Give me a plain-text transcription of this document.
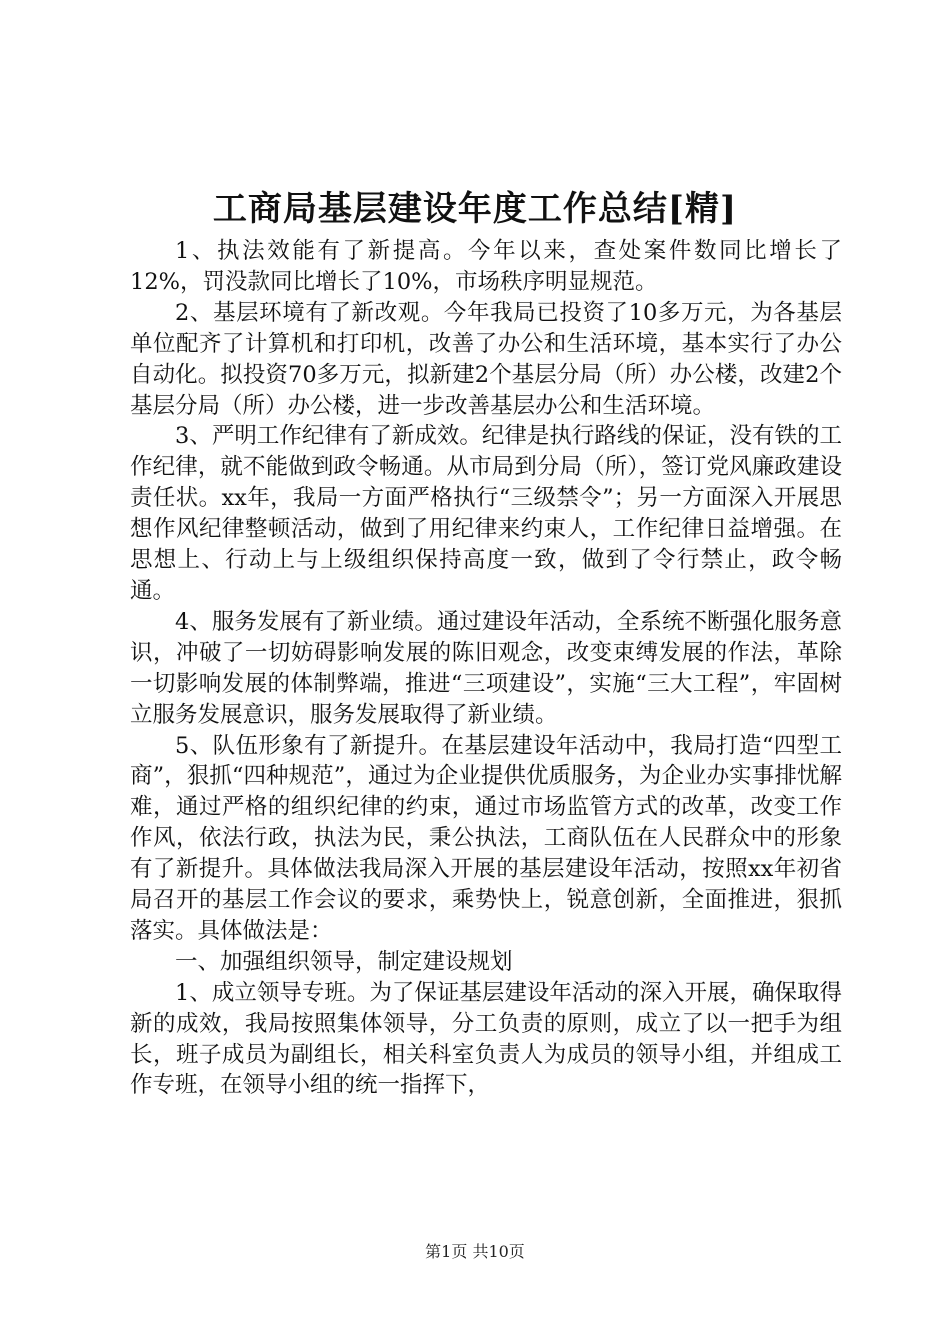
工商局基层建设年度工作总结[精]

1、执法效能有了新提高。今年以来，查处案件数同比增长了12%，罚没款同比增长了10%，市场秩序明显规范。

2、基层环境有了新改观。今年我局已投资了10多万元，为各基层单位配齐了计算机和打印机，改善了办公和生活环境，基本实行了办公自动化。拟投资70多万元，拟新建2个基层分局（所）办公楼，改建2个基层分局（所）办公楼，进一步改善基层办公和生活环境。

3、严明工作纪律有了新成效。纪律是执行路线的保证，没有铁的工作纪律，就不能做到政令畅通。从市局到分局（所），签订党风廉政建设责任状。xx年，我局一方面严格执行“三级禁令”；另一方面深入开展思想作风纪律整顿活动，做到了用纪律来约束人，工作纪律日益增强。在思想上、行动上与上级组织保持高度一致，做到了令行禁止，政令畅通。

4、服务发展有了新业绩。通过建设年活动，全系统不断强化服务意识，冲破了一切妨碍影响发展的陈旧观念，改变束缚发展的作法，革除一切影响发展的体制弊端，推进“三项建设”，实施“三大工程”，牢固树立服务发展意识，服务发展取得了新业绩。

5、队伍形象有了新提升。在基层建设年活动中，我局打造“四型工商”，狠抓“四种规范”，通过为企业提供优质服务，为企业办实事排忧解难，通过严格的组织纪律的约束，通过市场监管方式的改革，改变工作作风，依法行政，执法为民，秉公执法，工商队伍在人民群众中的形象有了新提升。具体做法我局深入开展的基层建设年活动，按照xx年初省局召开的基层工作会议的要求，乘势快上，锐意创新，全面推进，狠抓落实。具体做法是：

一、加强组织领导，制定建设规划

1、成立领导专班。为了保证基层建设年活动的深入开展，确保取得新的成效，我局按照集体领导，分工负责的原则，成立了以一把手为组长，班子成员为副组长，相关科室负责人为成员的领导小组，并组成工作专班，在领导小组的统一指挥下，

第1页 共10页
